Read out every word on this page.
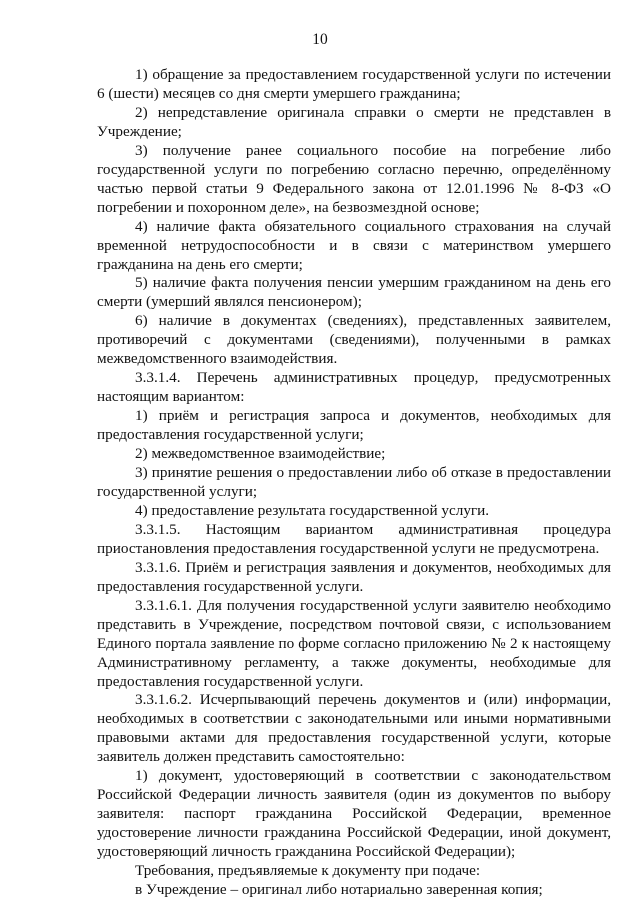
10

1) обращение за предоставлением государственной услуги по истечении 6 (шести) месяцев со дня смерти умершего гражданина;

2) непредставление оригинала справки о смерти не представлен в Учреждение;

3) получение ранее социального пособие на погребение либо государственной услуги по погребению согласно перечню, определённому частью первой статьи 9 Федерального закона от 12.01.1996 № 8-ФЗ «О погребении и похоронном деле», на безвозмездной основе;

4) наличие факта обязательного социального страхования на случай временной нетрудоспособности и в связи с материнством умершего гражданина на день его смерти;

5) наличие факта получения пенсии умершим гражданином на день его смерти (умерший являлся пенсионером);

6) наличие в документах (сведениях), представленных заявителем, противоречий с документами (сведениями), полученными в рамках межведомственного взаимодействия.

3.3.1.4. Перечень административных процедур, предусмотренных настоящим вариантом:

1) приём и регистрация запроса и документов, необходимых для предоставления государственной услуги;

2) межведомственное взаимодействие;

3) принятие решения о предоставлении либо об отказе в предоставлении государственной услуги;

4) предоставление результата государственной услуги.

3.3.1.5. Настоящим вариантом административная процедура приостановления предоставления государственной услуги не предусмотрена.

3.3.1.6. Приём и регистрация заявления и документов, необходимых для предоставления государственной услуги.

3.3.1.6.1. Для получения государственной услуги заявителю необходимо представить в Учреждение, посредством почтовой связи, с использованием Единого портала заявление по форме согласно приложению № 2 к настоящему Административному регламенту, а также документы, необходимые для предоставления государственной услуги.

3.3.1.6.2. Исчерпывающий перечень документов и (или) информации, необходимых в соответствии с законодательными или иными нормативными правовыми актами для предоставления государственной услуги, которые заявитель должен представить самостоятельно:

1) документ, удостоверяющий в соответствии с законодательством Российской Федерации личность заявителя (один из документов по выбору заявителя: паспорт гражданина Российской Федерации, временное удостоверение личности гражданина Российской Федерации, иной документ, удостоверяющий личность гражданина Российской Федерации);

Требования, предъявляемые к документу при подаче:

в Учреждение – оригинал либо нотариально заверенная копия;
